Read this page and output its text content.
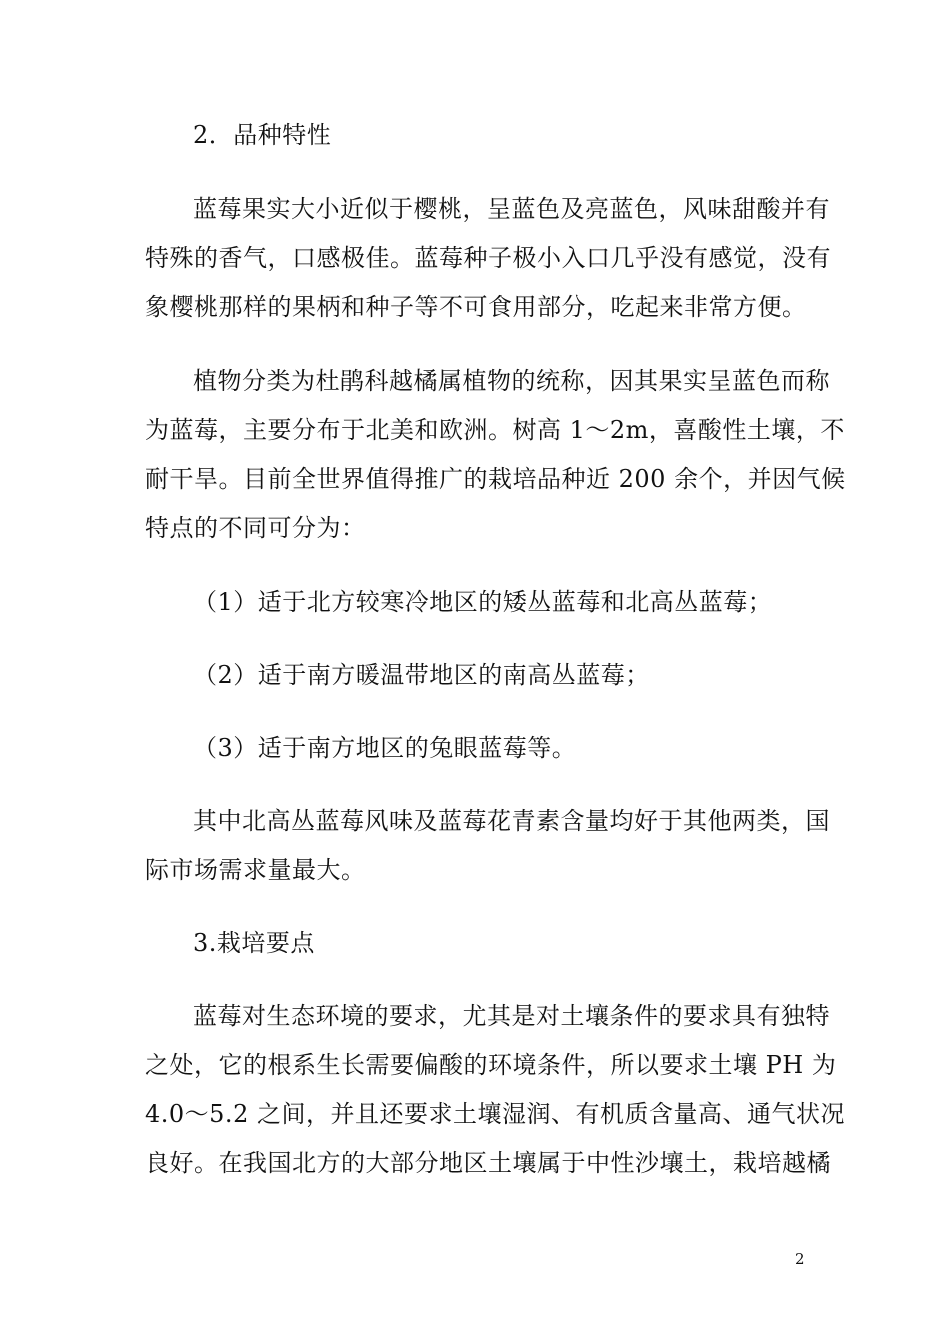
2．品种特性
蓝莓果实大小近似于樱桃，呈蓝色及亮蓝色，风味甜酸并有
特殊的香气，口感极佳。蓝莓种子极小入口几乎没有感觉，没有
象樱桃那样的果柄和种子等不可食用部分，吃起来非常方便。
植物分类为杜鹃科越橘属植物的统称，因其果实呈蓝色而称
为蓝莓，主要分布于北美和欧洲。树高 1～2m，喜酸性土壤，不
耐干旱。目前全世界值得推广的栽培品种近 200 余个，并因气候
特点的不同可分为：
（1）适于北方较寒冷地区的矮丛蓝莓和北高丛蓝莓；
（2）适于南方暖温带地区的南高丛蓝莓；
（3）适于南方地区的兔眼蓝莓等。
其中北高丛蓝莓风味及蓝莓花青素含量均好于其他两类，国
际市场需求量最大。
3.栽培要点
蓝莓对生态环境的要求，尤其是对土壤条件的要求具有独特
之处，它的根系生长需要偏酸的环境条件，所以要求土壤 PH 为
4.0～5.2 之间，并且还要求土壤湿润、有机质含量高、通气状况
良好。在我国北方的大部分地区土壤属于中性沙壤土，栽培越橘
2
